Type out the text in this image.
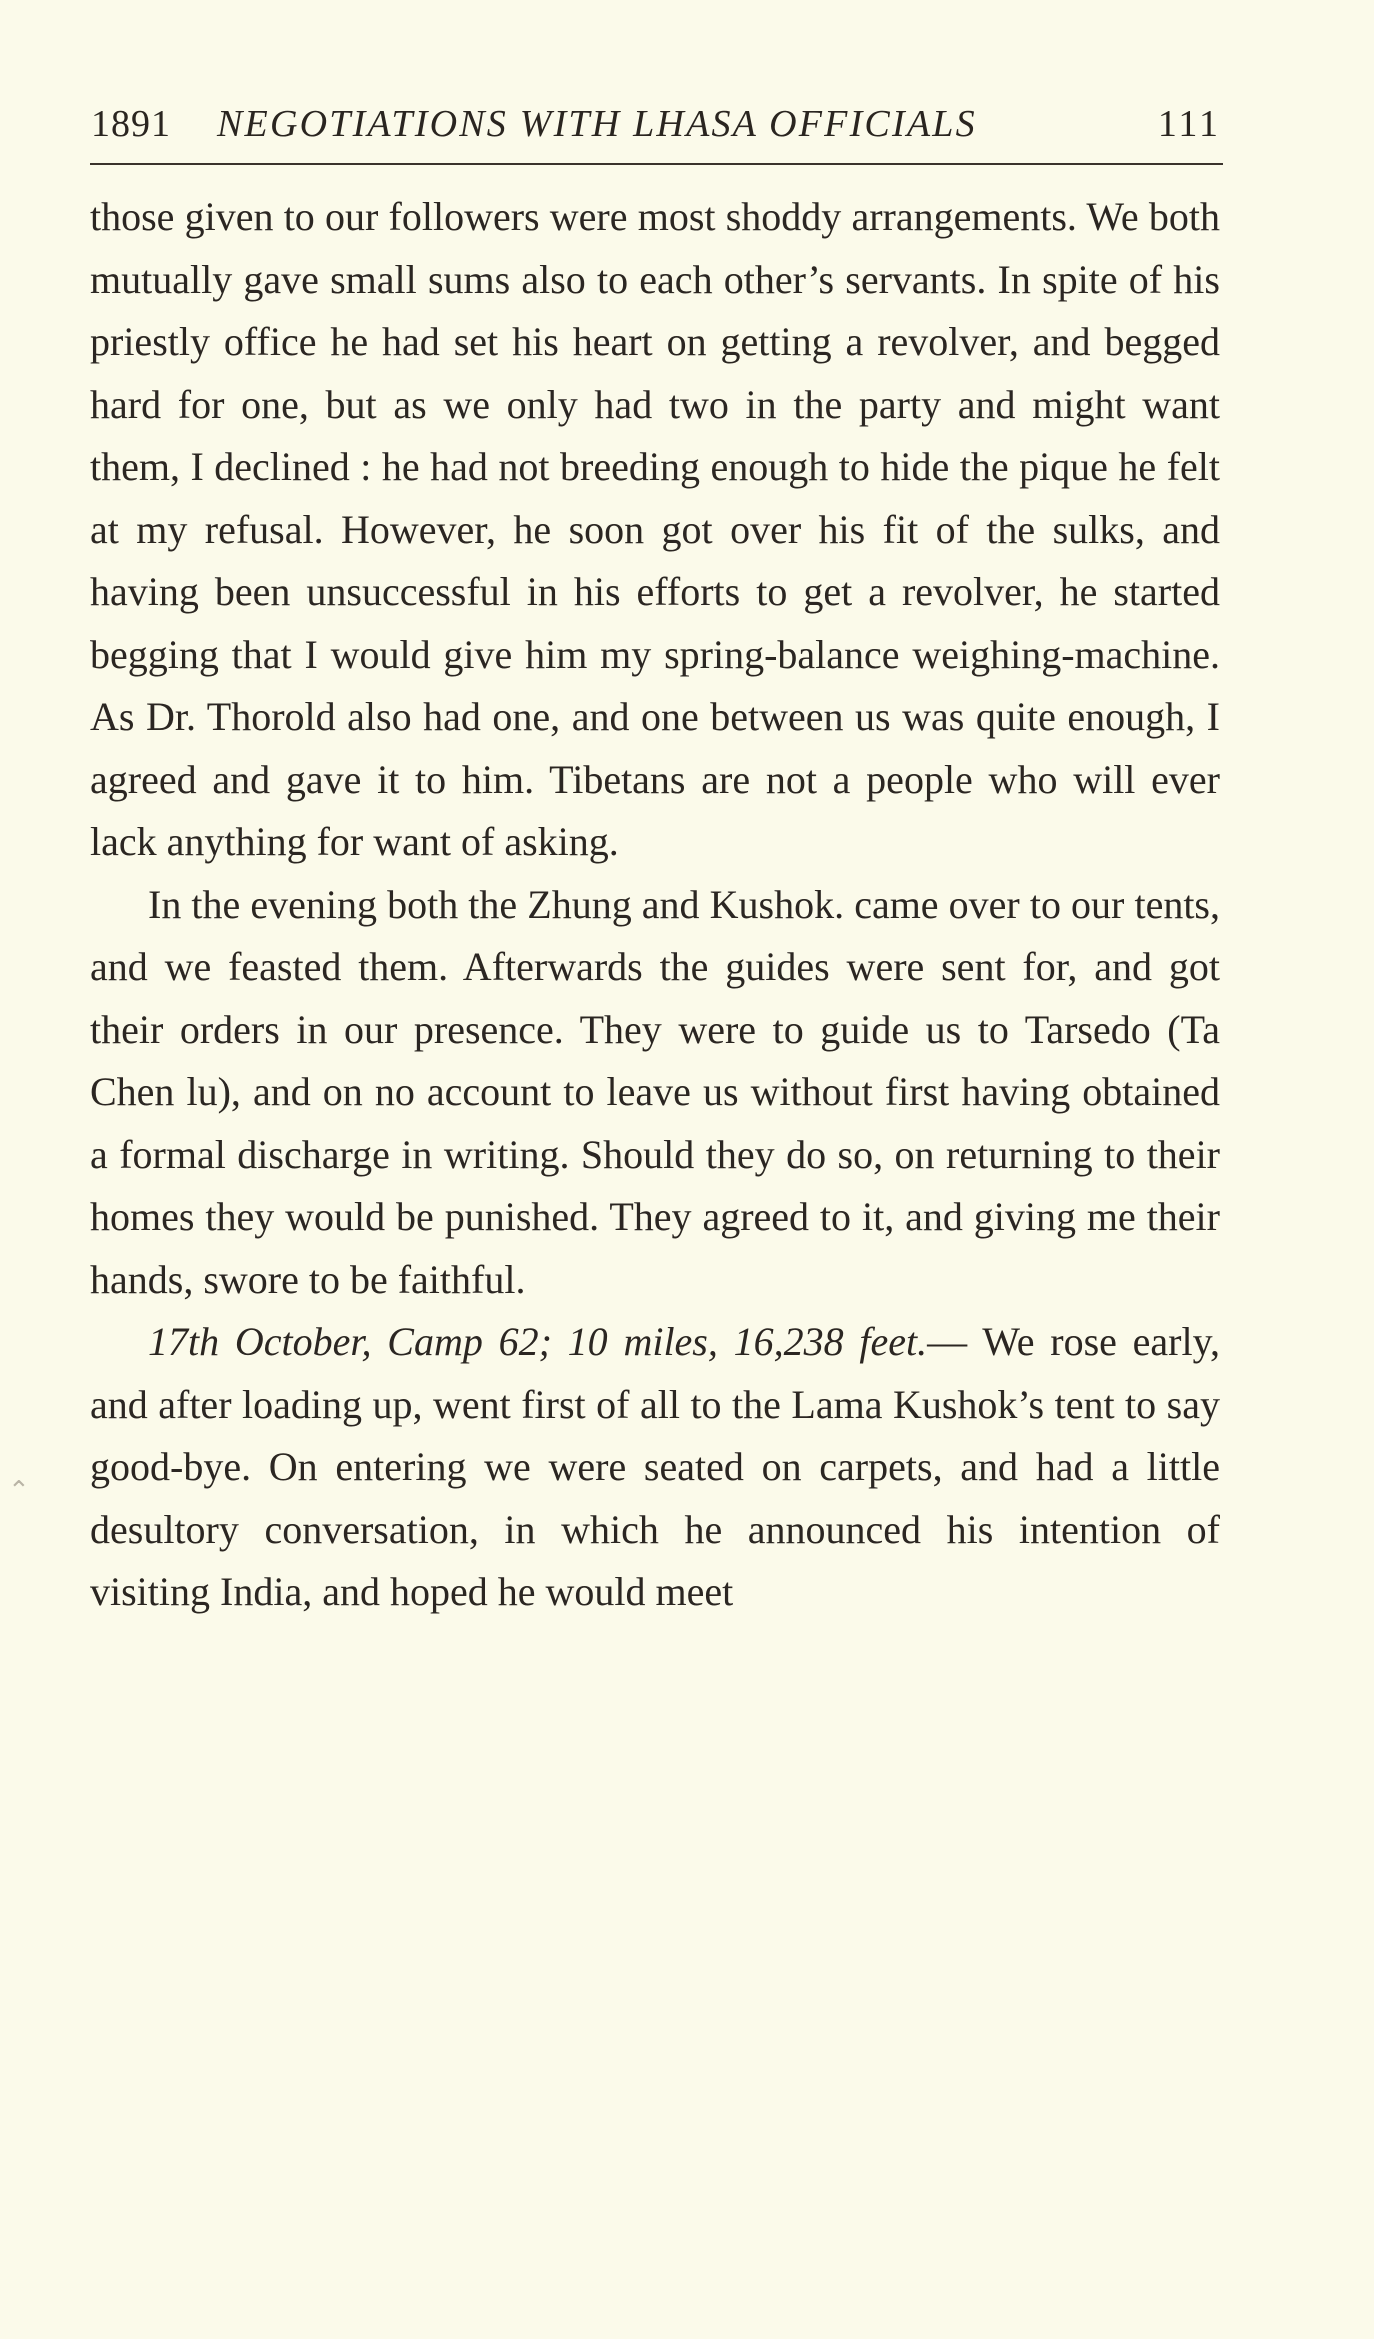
1891 NEGOTIATIONS WITH LHASA OFFICIALS	111
⌃

those given to our followers were most shoddy arrangements. We both mutually gave small sums also to each other’s servants. In spite of his priestly office he had set his heart on getting a revolver, and begged hard for one, but as we only had two in the party and might want them, I declined : he had not breeding enough to hide the pique he felt at my refusal. However, he soon got over his fit of the sulks, and having been unsuccessful in his efforts to get a revolver, he started begging that I would give him my spring-balance weighing-machine. As Dr. Thorold also had one, and one between us was quite enough, I agreed and gave it to him. Tibetans are not a people who will ever lack anything for want of asking.

In the evening both the Zhung and Kushok. came over to our tents, and we feasted them. Afterwards the guides were sent for, and got their orders in our presence. They were to guide us to Tarsedo (Ta Chen lu), and on no account to leave us without first having obtained a formal discharge in writing. Should they do so, on returning to their homes they would be punished. They agreed to it, and giving me their hands, swore to be faithful.

17th October, Camp 62; 10 miles, 16,238 feet.— We rose early, and after loading up, went first of all to the Lama Kushok’s tent to say good-bye. On entering we were seated on carpets, and had a little desultory conversation, in which he announced his intention of visiting India, and hoped he would meet
